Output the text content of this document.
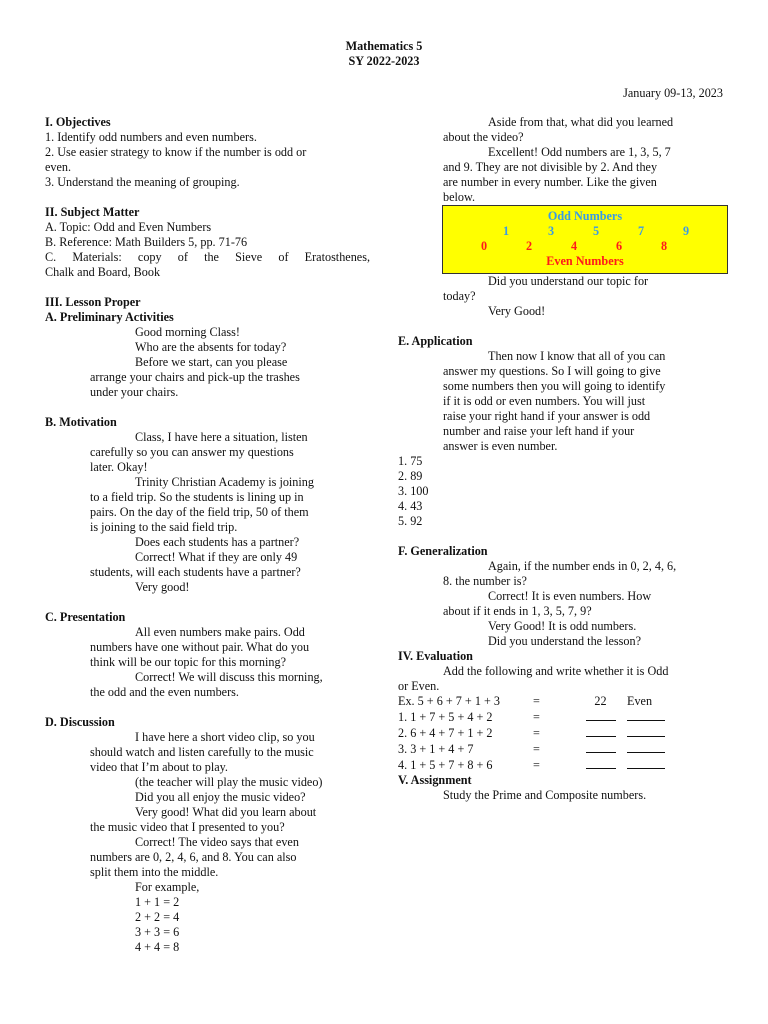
Mathematics 5
SY 2022-2023
January 09-13, 2023
I. Objectives
1. Identify odd numbers and even numbers.
2. Use easier strategy to know if the number is odd or
even.
3. Understand the meaning of grouping.
II. Subject Matter
A. Topic: Odd and Even Numbers
B. Reference: Math Builders 5, pp. 71-76
C. Materials: copy of the Sieve of Eratosthenes,
Chalk and Board, Book
III. Lesson Proper
A. Preliminary Activities
Good morning Class!
Who are the absents for today?
Before we start, can you please
arrange your chairs and pick-up the trashes
under your chairs.
B. Motivation
Class, I have here a situation, listen
carefully so you can answer my questions
later. Okay!
Trinity Christian Academy is joining
to a field trip. So the students is lining up in
pairs. On the day of the field trip, 50 of them
is joining to the said field trip.
Does each students has a partner?
Correct! What if they are only 49
students, will each students have a partner?
Very good!
C. Presentation
All even numbers make pairs. Odd
numbers have one without pair. What do you
think will be our topic for this morning?
Correct! We will discuss this morning,
the odd and the even numbers.
D. Discussion
I have here a short video clip, so you
should watch and listen carefully to the music
video that I’m about to play.
(the teacher will play the music video)
Did you all enjoy the music video?
Very good! What did you learn about
the music video that I presented to you?
Correct! The video says that even
numbers are 0, 2, 4, 6, and 8. You can also
split them into the middle.
For example,
1 + 1 = 2
2 + 2 = 4
3 + 3 = 6
4 + 4 = 8
Aside from that, what did you learned
about the video?
Excellent! Odd numbers are 1, 3, 5, 7
and 9. They are not divisible by 2. And they
are number in every number. Like the given
below.
Odd Numbers
1	3	5	7	9
0	2	4	6	8
Even Numbers
Did you understand our topic for
today?
Very Good!
E. Application
Then now I know that all of you can
answer my questions. So I will going to give
some numbers then you will going to identify
if it is odd or even numbers. You will just
raise your right hand if your answer is odd
number and raise your left hand if your
answer is even number.
1. 75
2. 89
3. 100
4. 43
5. 92
F. Generalization
Again, if the number ends in 0, 2, 4, 6,
8. the number is?
Correct! It is even numbers. How
about if it ends in 1, 3, 5, 7, 9?
Very Good! It is odd numbers.
Did you understand the lesson?
IV. Evaluation
Add the following and write whether it is Odd
or Even.
Ex. 5 + 6 + 7 + 1 + 3	=	22	Even
1. 1 + 7 + 5 + 4 + 2	=		
2. 6 + 4 + 7 + 1 + 2	=		
3. 3 + 1 + 4 + 7	=		
4. 1 + 5 + 7 + 8 + 6	=		
V. Assignment
Study the Prime and Composite numbers.
